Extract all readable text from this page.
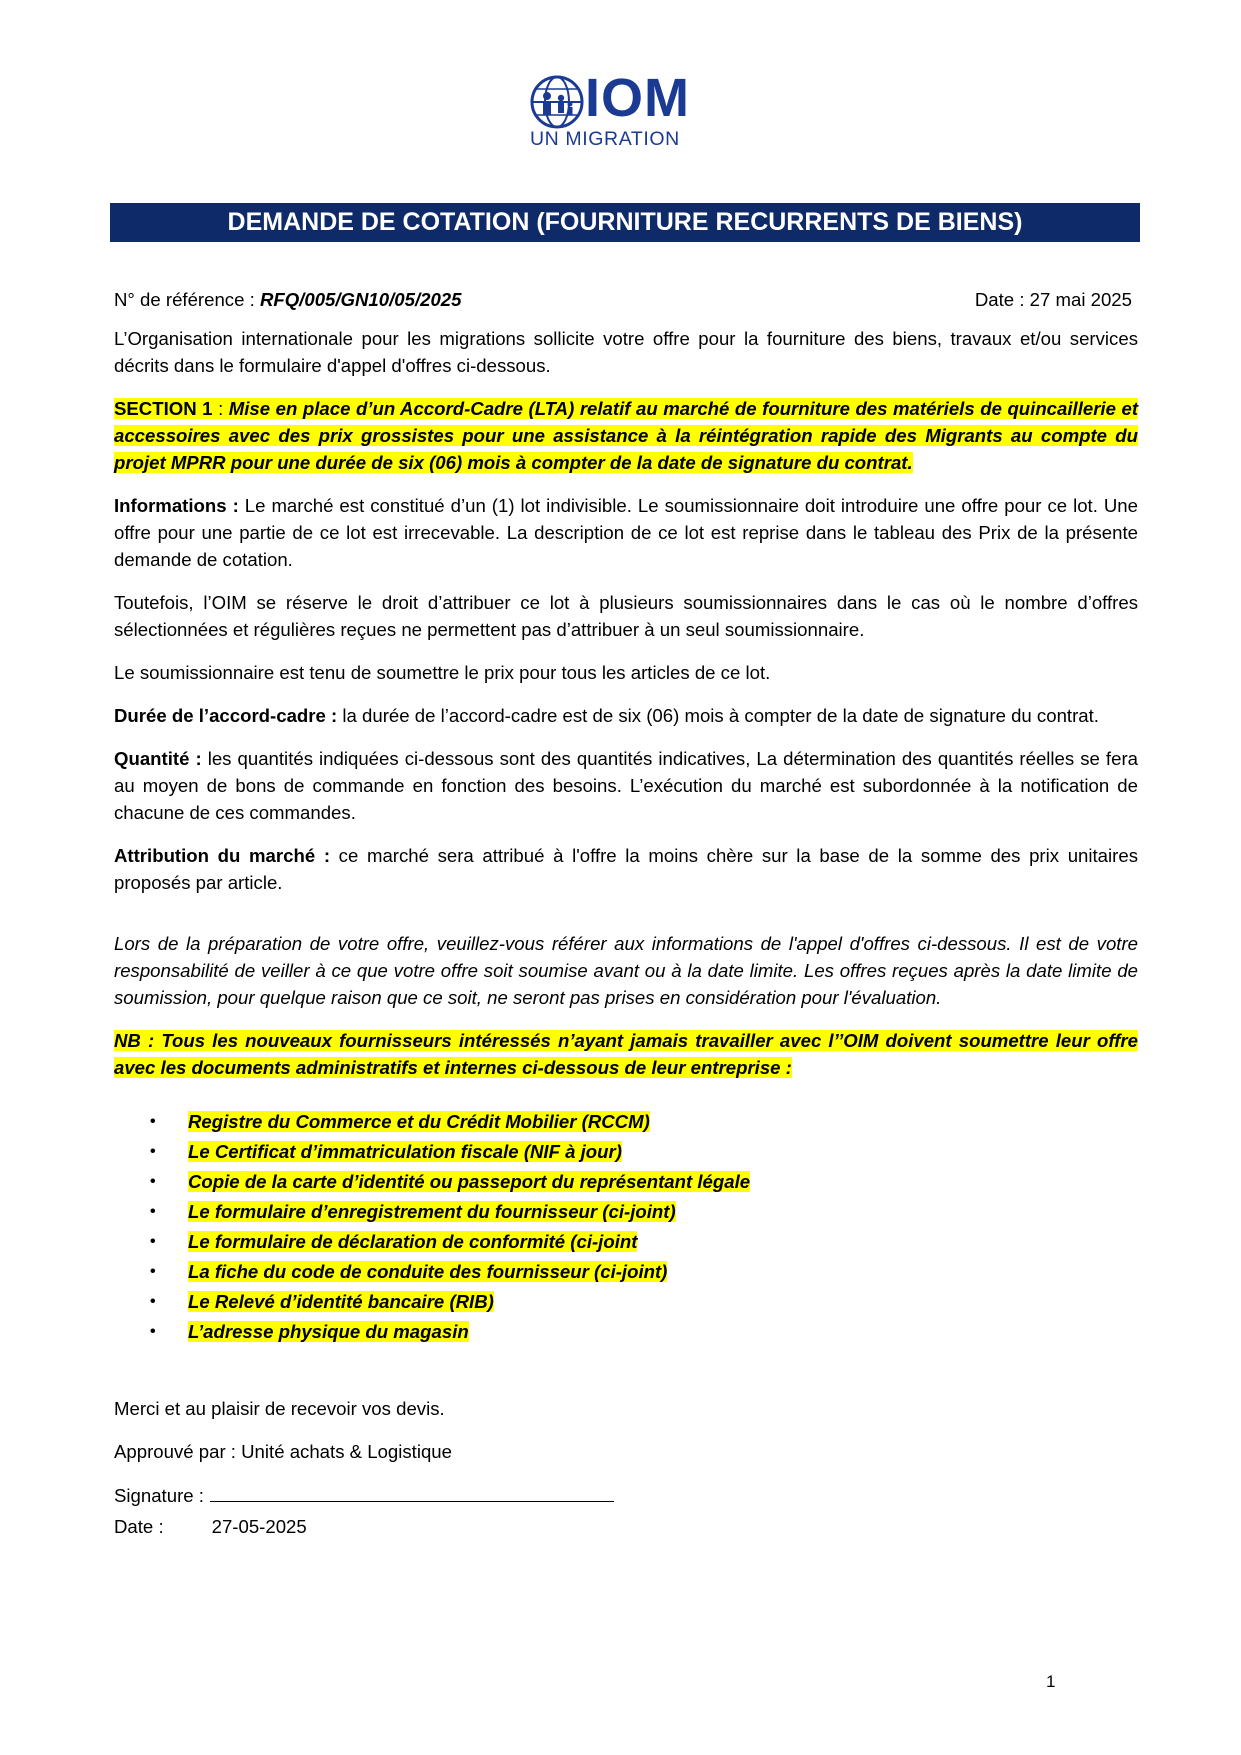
IOM
UN MIGRATION
DEMANDE DE COTATION (FOURNITURE RECURRENTS DE BIENS)
N° de référence : RFQ/005/GN10/05/2025	Date : 27 mai 2025

L’Organisation internationale pour les migrations sollicite votre offre pour la fourniture des biens, travaux et/ou services décrits dans le formulaire d'appel d'offres ci-dessous.

SECTION 1 : Mise en place d’un Accord-Cadre (LTA) relatif au marché de fourniture des matériels de quincaillerie et accessoires avec des prix grossistes pour une assistance à la réintégration rapide des Migrants au compte du projet MPRR pour une durée de six (06) mois à compter de la date de signature du contrat.

Informations : Le marché est constitué d’un (1) lot indivisible. Le soumissionnaire doit introduire une offre pour ce lot. Une offre pour une partie de ce lot est irrecevable. La description de ce lot est reprise dans le tableau des Prix de la présente demande de cotation.

Toutefois, l’OIM se réserve le droit d’attribuer ce lot à plusieurs soumissionnaires dans le cas où le nombre d’offres sélectionnées et régulières reçues ne permettent pas d’attribuer à un seul soumissionnaire.

Le soumissionnaire est tenu de soumettre le prix pour tous les articles de ce lot.

Durée de l’accord-cadre : la durée de l’accord-cadre est de six (06) mois à compter de la date de signature du contrat.

Quantité : les quantités indiquées ci-dessous sont des quantités indicatives, La détermination des quantités réelles se fera au moyen de bons de commande en fonction des besoins. L’exécution du marché est subordonnée à la notification de chacune de ces commandes.

Attribution du marché : ce marché sera attribué à l'offre la moins chère sur la base de la somme des prix unitaires proposés par article.

Lors de la préparation de votre offre, veuillez-vous référer aux informations de l'appel d'offres ci-dessous. Il est de votre responsabilité de veiller à ce que votre offre soit soumise avant ou à la date limite. Les offres reçues après la date limite de soumission, pour quelque raison que ce soit, ne seront pas prises en considération pour l'évaluation.

NB : Tous les nouveaux fournisseurs intéressés n’ayant jamais travailler avec l’’OIM doivent soumettre leur offre avec les documents administratifs et internes ci-dessous de leur entreprise :

• Registre du Commerce et du Crédit Mobilier (RCCM)
• Le Certificat d’immatriculation fiscale (NIF à jour)
• Copie de la carte d’identité ou passeport du représentant légale
• Le formulaire d’enregistrement du fournisseur (ci-joint)
• Le formulaire de déclaration de conformité (ci-joint
• La fiche du code de conduite des fournisseur (ci-joint)
• Le Relevé d’identité bancaire (RIB)
• L’adresse physique du magasin

Merci et au plaisir de recevoir vos devis.

Approuvé par : Unité achats & Logistique

Signature :
Date :	27-05-2025
1
